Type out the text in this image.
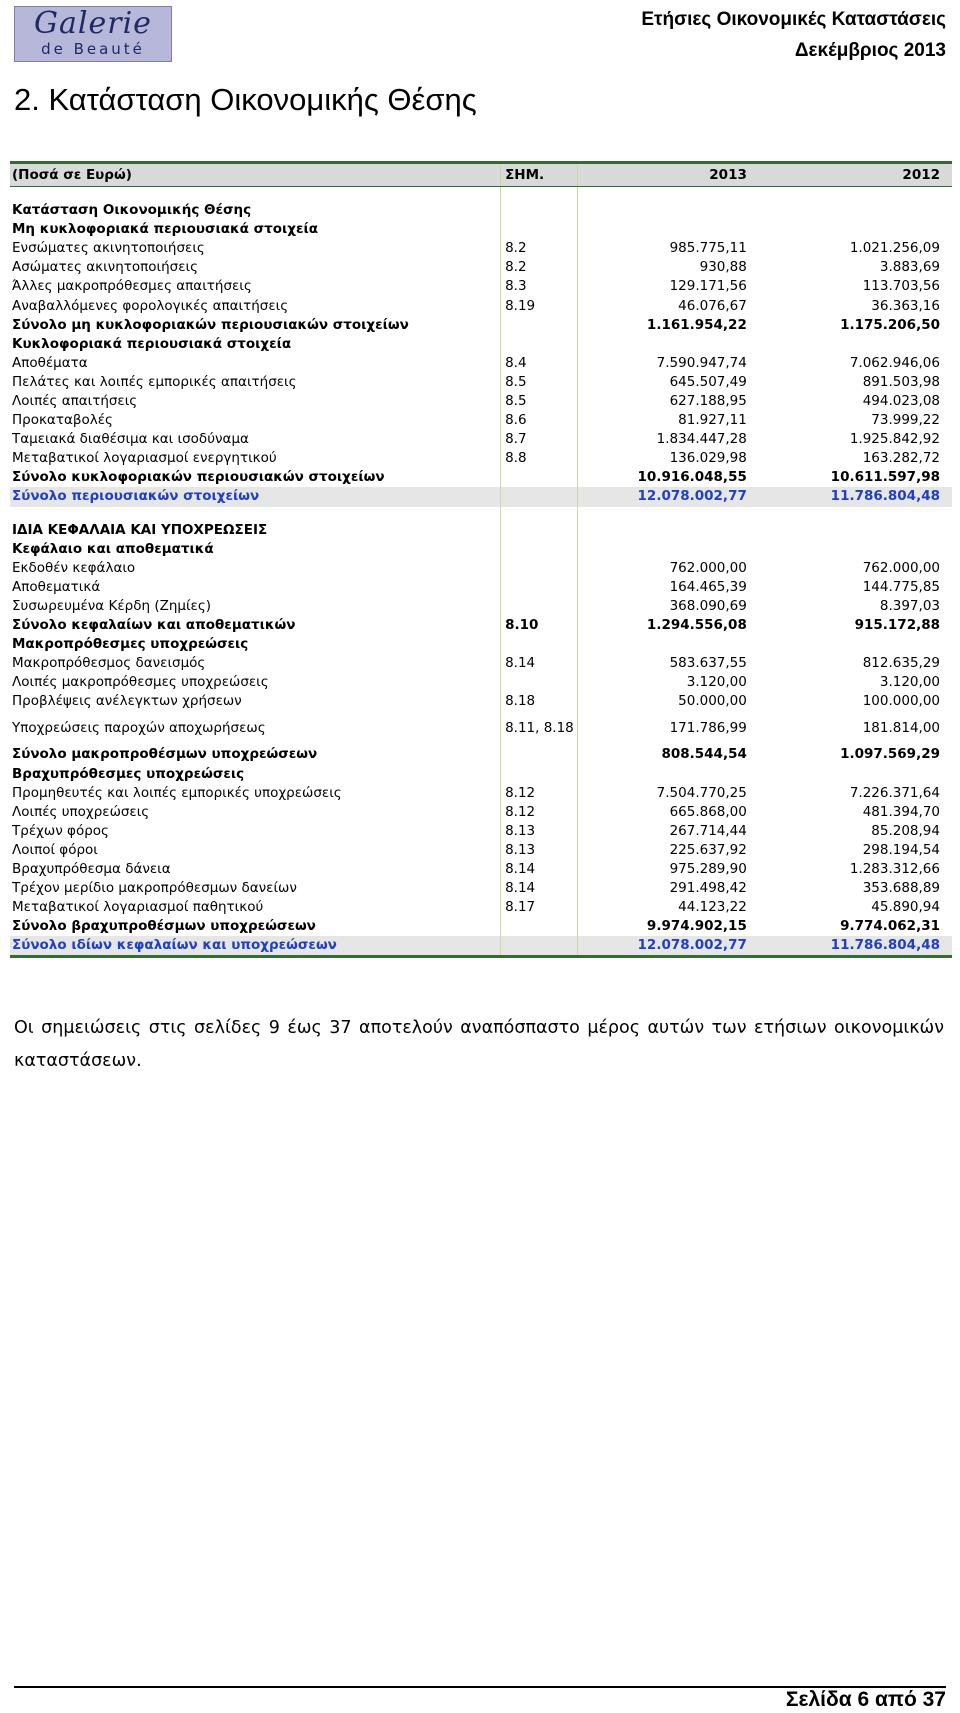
Galerie
de Beauté
Ετήσιες Οικονομικές Καταστάσεις
Δεκέμβριος 2013
2. Κατάσταση Οικονομικής Θέσης
(Ποσά σε Ευρώ)	ΣΗΜ.	2013	2012

Κατάσταση Οικονομικής Θέσης			
Μη κυκλοφοριακά περιουσιακά στοιχεία			
Ενσώματες ακινητοποιήσεις	8.2	985.775,11	1.021.256,09
Ασώματες ακινητοποιήσεις	8.2	930,88	3.883,69
Άλλες μακροπρόθεσμες απαιτήσεις	8.3	129.171,56	113.703,56
Αναβαλλόμενες φορολογικές απαιτήσεις	8.19	46.076,67	36.363,16
Σύνολο μη κυκλοφοριακών περιουσιακών στοιχείων		1.161.954,22	1.175.206,50
Κυκλοφοριακά περιουσιακά στοιχεία			
Αποθέματα	8.4	7.590.947,74	7.062.946,06
Πελάτες και λοιπές εμπορικές απαιτήσεις	8.5	645.507,49	891.503,98
Λοιπές απαιτήσεις	8.5	627.188,95	494.023,08
Προκαταβολές	8.6	81.927,11	73.999,22
Ταμειακά διαθέσιμα και ισοδύναμα	8.7	1.834.447,28	1.925.842,92
Μεταβατικοί λογαριασμοί ενεργητικού	8.8	136.029,98	163.282,72
Σύνολο κυκλοφοριακών περιουσιακών στοιχείων		10.916.048,55	10.611.597,98
Σύνολο περιουσιακών στοιχείων		12.078.002,77	11.786.804,48

ΙΔΙΑ ΚΕΦΑΛΑΙΑ ΚΑΙ ΥΠΟΧΡΕΩΣΕΙΣ			
Κεφάλαιο και αποθεματικά			
Εκδοθέν κεφάλαιο		762.000,00	762.000,00
Αποθεματικά		164.465,39	144.775,85
Συσωρευμένα Κέρδη (Ζημίες)		368.090,69	8.397,03
Σύνολο κεφαλαίων και αποθεματικών	8.10	1.294.556,08	915.172,88
Μακροπρόθεσμες υποχρεώσεις			
Μακροπρόθεσμος δανεισμός	8.14	583.637,55	812.635,29
Λοιπές μακροπρόθεσμες υποχρεώσεις		3.120,00	3.120,00
Προβλέψεις ανέλεγκτων χρήσεων	8.18	50.000,00	100.000,00
Υποχρεώσεις παροχών αποχωρήσεως	8.11, 8.18	171.786,99	181.814,00
Σύνολο μακροπροθέσμων υποχρεώσεων		808.544,54	1.097.569,29
Βραχυπρόθεσμες υποχρεώσεις			
Προμηθευτές και λοιπές εμπορικές υποχρεώσεις	8.12	7.504.770,25	7.226.371,64
Λοιπές υποχρεώσεις	8.12	665.868,00	481.394,70
Τρέχων φόρος	8.13	267.714,44	85.208,94
Λοιποί φόροι	8.13	225.637,92	298.194,54
Βραχυπρόθεσμα δάνεια	8.14	975.289,90	1.283.312,66
Τρέχον μερίδιο μακροπρόθεσμων δανείων	8.14	291.498,42	353.688,89
Μεταβατικοί λογαριασμοί παθητικού	8.17	44.123,22	45.890,94
Σύνολο βραχυπροθέσμων υποχρεώσεων		9.974.902,15	9.774.062,31
Σύνολο ιδίων κεφαλαίων και υποχρεώσεων		12.078.002,77	11.786.804,48
Οι σημειώσεις στις σελίδες 9 έως 37 αποτελούν αναπόσπαστο μέρος αυτών των ετήσιων οικονομικών καταστάσεων.
Σελίδα 6 από 37
